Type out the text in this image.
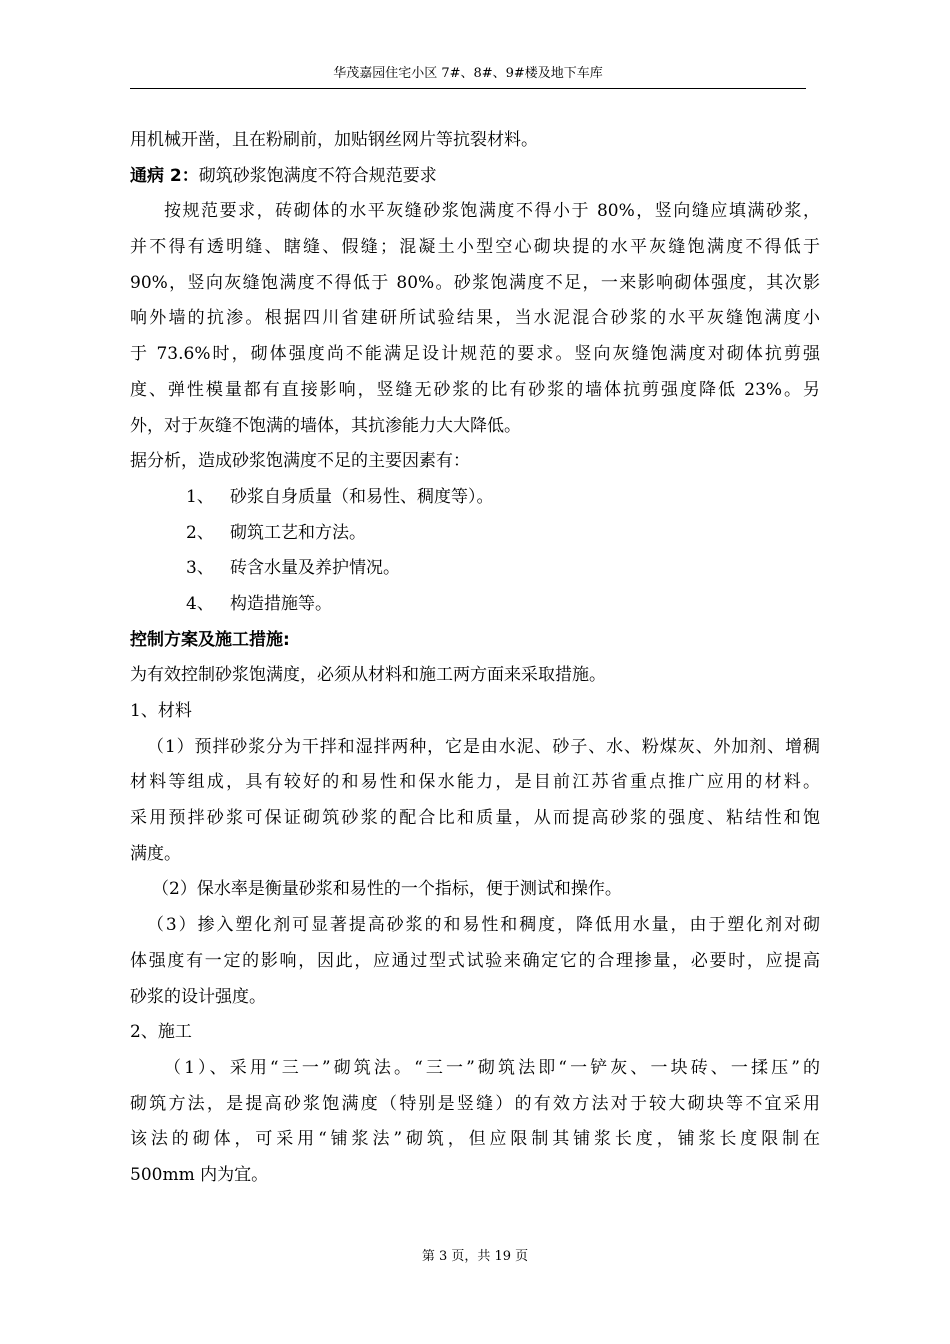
华茂嘉园住宅小区 7#、8#、9#楼及地下车库

用机械开凿，且在粉刷前，加贴钢丝网片等抗裂材料。

通病 2：砌筑砂浆饱满度不符合规范要求

按规范要求，砖砌体的水平灰缝砂浆饱满度不得小于 80%，竖向缝应填满砂浆，

并不得有透明缝、瞎缝、假缝；混凝土小型空心砌块提的水平灰缝饱满度不得低于

90%，竖向灰缝饱满度不得低于 80%。砂浆饱满度不足，一来影响砌体强度，其次影

响外墙的抗渗。根据四川省建研所试验结果，当水泥混合砂浆的水平灰缝饱满度小

于 73.6%时，砌体强度尚不能满足设计规范的要求。竖向灰缝饱满度对砌体抗剪强

度、弹性模量都有直接影响，竖缝无砂浆的比有砂浆的墙体抗剪强度降低 23%。另

外，对于灰缝不饱满的墙体，其抗渗能力大大降低。

据分析，造成砂浆饱满度不足的主要因素有：

1、 砂浆自身质量（和易性、稠度等）。

2、 砌筑工艺和方法。

3、 砖含水量及养护情况。

4、 构造措施等。

控制方案及施工措施:

为有效控制砂浆饱满度，必须从材料和施工两方面来采取措施。

1、材料

（1）预拌砂浆分为干拌和湿拌两种，它是由水泥、砂子、水、粉煤灰、外加剂、增稠

材料等组成，具有较好的和易性和保水能力，是目前江苏省重点推广应用的材料。

采用预拌砂浆可保证砌筑砂浆的配合比和质量，从而提高砂浆的强度、粘结性和饱

满度。

（2）保水率是衡量砂浆和易性的一个指标，便于测试和操作。

（3）掺入塑化剂可显著提高砂浆的和易性和稠度，降低用水量，由于塑化剂对砌

体强度有一定的影响，因此，应通过型式试验来确定它的合理掺量，必要时，应提高

砂浆的设计强度。

2、施工

（1）、采用“三一”砌筑法。“三一”砌筑法即“一铲灰、一块砖、一揉压”的

砌筑方法，是提高砂浆饱满度（特别是竖缝）的有效方法对于较大砌块等不宜采用

该法的砌体，可采用“铺浆法”砌筑，但应限制其铺浆长度，铺浆长度限制在

500mm 内为宜。

第 3 页，共 19 页
